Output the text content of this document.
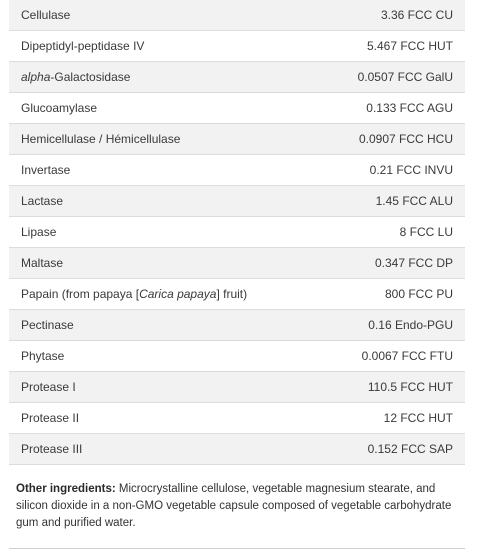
Cellulase	3.36 FCC CU
Dipeptidyl-peptidase IV	5.467 FCC HUT
alpha-Galactosidase	0.0507 FCC GalU
Glucoamylase	0.133 FCC AGU
Hemicellulase / Hémicellulase	0.0907 FCC HCU
Invertase	0.21 FCC INVU
Lactase	1.45 FCC ALU
Lipase	8 FCC LU
Maltase	0.347 FCC DP
Papain (from papaya [Carica papaya] fruit)	800 FCC PU
Pectinase	0.16 Endo-PGU
Phytase	0.0067 FCC FTU
Protease I	110.5 FCC HUT
Protease II	12 FCC HUT
Protease III	0.152 FCC SAP

Other ingredients: Microcrystalline cellulose, vegetable magnesium stearate, and silicon dioxide in a non-GMO vegetable capsule composed of vegetable carbohydrate gum and purified water.
